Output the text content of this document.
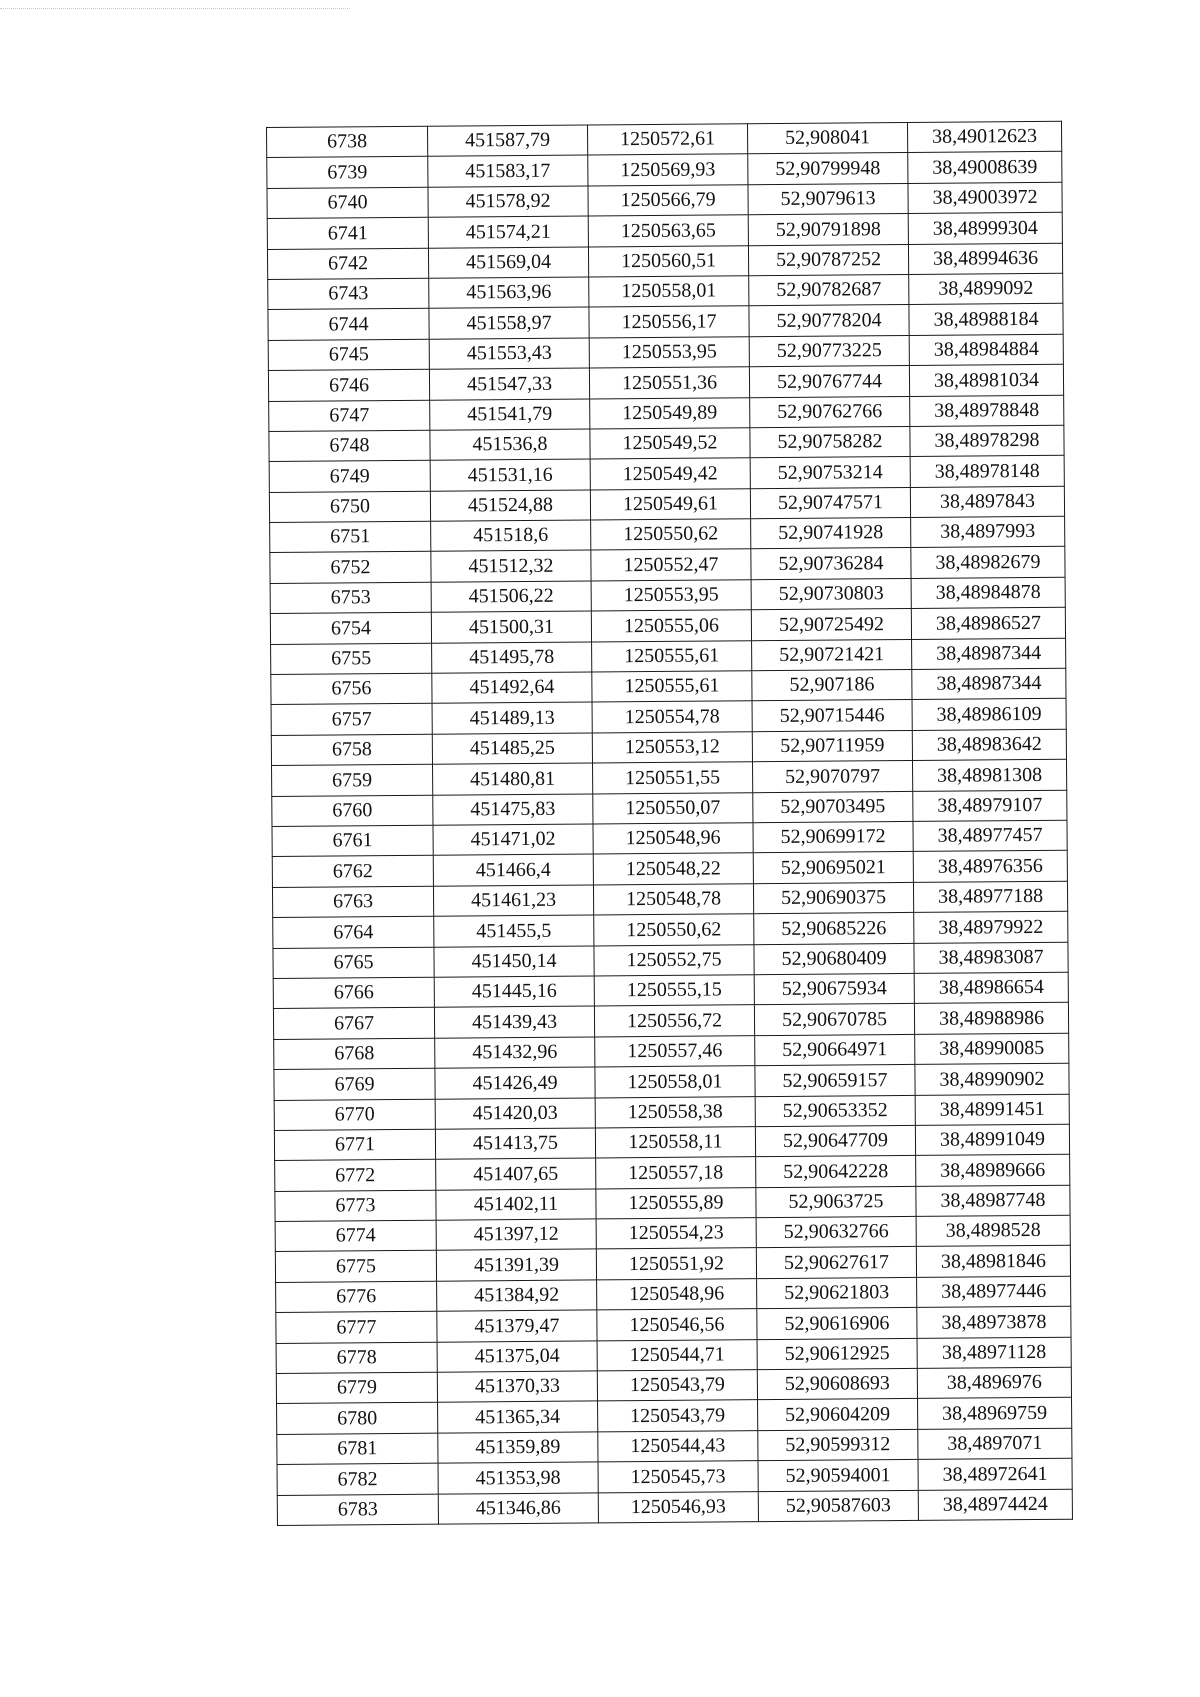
6738	451587,79	1250572,61	52,908041	38,49012623
6739	451583,17	1250569,93	52,90799948	38,49008639
6740	451578,92	1250566,79	52,9079613	38,49003972
6741	451574,21	1250563,65	52,90791898	38,48999304
6742	451569,04	1250560,51	52,90787252	38,48994636
6743	451563,96	1250558,01	52,90782687	38,4899092
6744	451558,97	1250556,17	52,90778204	38,48988184
6745	451553,43	1250553,95	52,90773225	38,48984884
6746	451547,33	1250551,36	52,90767744	38,48981034
6747	451541,79	1250549,89	52,90762766	38,48978848
6748	451536,8	1250549,52	52,90758282	38,48978298
6749	451531,16	1250549,42	52,90753214	38,48978148
6750	451524,88	1250549,61	52,90747571	38,4897843
6751	451518,6	1250550,62	52,90741928	38,4897993
6752	451512,32	1250552,47	52,90736284	38,48982679
6753	451506,22	1250553,95	52,90730803	38,48984878
6754	451500,31	1250555,06	52,90725492	38,48986527
6755	451495,78	1250555,61	52,90721421	38,48987344
6756	451492,64	1250555,61	52,907186	38,48987344
6757	451489,13	1250554,78	52,90715446	38,48986109
6758	451485,25	1250553,12	52,90711959	38,48983642
6759	451480,81	1250551,55	52,9070797	38,48981308
6760	451475,83	1250550,07	52,90703495	38,48979107
6761	451471,02	1250548,96	52,90699172	38,48977457
6762	451466,4	1250548,22	52,90695021	38,48976356
6763	451461,23	1250548,78	52,90690375	38,48977188
6764	451455,5	1250550,62	52,90685226	38,48979922
6765	451450,14	1250552,75	52,90680409	38,48983087
6766	451445,16	1250555,15	52,90675934	38,48986654
6767	451439,43	1250556,72	52,90670785	38,48988986
6768	451432,96	1250557,46	52,90664971	38,48990085
6769	451426,49	1250558,01	52,90659157	38,48990902
6770	451420,03	1250558,38	52,90653352	38,48991451
6771	451413,75	1250558,11	52,90647709	38,48991049
6772	451407,65	1250557,18	52,90642228	38,48989666
6773	451402,11	1250555,89	52,9063725	38,48987748
6774	451397,12	1250554,23	52,90632766	38,4898528
6775	451391,39	1250551,92	52,90627617	38,48981846
6776	451384,92	1250548,96	52,90621803	38,48977446
6777	451379,47	1250546,56	52,90616906	38,48973878
6778	451375,04	1250544,71	52,90612925	38,48971128
6779	451370,33	1250543,79	52,90608693	38,4896976
6780	451365,34	1250543,79	52,90604209	38,48969759
6781	451359,89	1250544,43	52,90599312	38,4897071
6782	451353,98	1250545,73	52,90594001	38,48972641
6783	451346,86	1250546,93	52,90587603	38,48974424
